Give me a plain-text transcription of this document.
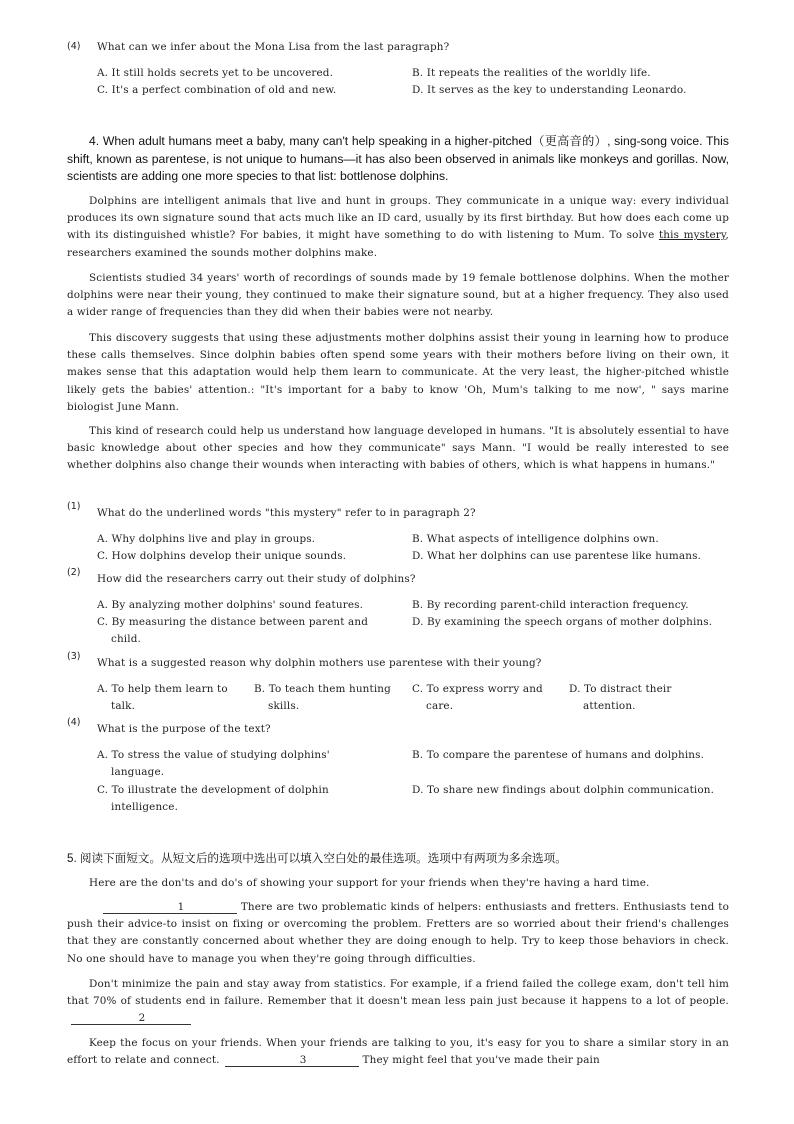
(4) What can we infer about the Mona Lisa from the last paragraph?
A. It still holds secrets yet to be uncovered.	B. It repeats the realities of the worldly life.
C. It's a perfect combination of old and new.	D. It serves as the key to understanding Leonardo.
4. When adult humans meet a baby, many can't help speaking in a higher-pitched（更高音的）, sing-song voice. This shift, known as parentese, is not unique to humans—it has also been observed in animals like monkeys and gorillas. Now, scientists are adding one more species to that list: bottlenose dolphins.
Dolphins are intelligent animals that live and hunt in groups. They communicate in a unique way: every individual produces its own signature sound that acts much like an ID card, usually by its first birthday. But how does each come up with its distinguished whistle? For babies, it might have something to do with listening to Mum. To solve this mystery, researchers examined the sounds mother dolphins make.
Scientists studied 34 years' worth of recordings of sounds made by 19 female bottlenose dolphins. When the mother dolphins were near their young, they continued to make their signature sound, but at a higher frequency. They also used a wider range of frequencies than they did when their babies were not nearby.
This discovery suggests that using these adjustments mother dolphins assist their young in learning how to produce these calls themselves. Since dolphin babies often spend some years with their mothers before living on their own, it makes sense that this adaptation would help them learn to communicate. At the very least, the higher-pitched whistle likely gets the babies' attention.: "It's important for a baby to know 'Oh, Mum's talking to me now', " says marine biologist June Mann.
This kind of research could help us understand how language developed in humans. "It is absolutely essential to have basic knowledge about other species and how they communicate" says Mann. "I would be really interested to see whether dolphins also change their wounds when interacting with babies of others, which is what happens in humans."
(1)
What do the underlined words "this mystery" refer to in paragraph 2?
A. Why dolphins live and play in groups.	B. What aspects of intelligence dolphins own.
C. How dolphins develop their unique sounds.	D. What her dolphins can use parentese like humans.
(2)
How did the researchers carry out their study of dolphins?
A. By analyzing mother dolphins' sound features.	B. By recording parent-child interaction frequency.
C. By measuring the distance between parent and
child.
D. By examining the speech organs of mother dolphins.
(3)
What is a suggested reason why dolphin mothers use parentese with their young?
A. To help them learn to
talk.
B. To teach them hunting
skills.
C. To express worry and
care.
D. To distract their
attention.
(4)
What is the purpose of the text?
A. To stress the value of studying dolphins'
language.
B. To compare the parentese of humans and dolphins.
C. To illustrate the development of dolphin
intelligence.
D. To share new findings about dolphin communication.
5. 阅读下面短文。从短文后的选项中选出可以填入空白处的最佳选项。选项中有两项为多余选项。
Here are the don'ts and do's of showing your support for your friends when they're having a hard time.
1	There are two problematic kinds of helpers: enthusiasts and fretters. Enthusiasts tend to push their advice-to insist on fixing or overcoming the problem. Fretters are so worried about their friend's challenges that they are constantly concerned about whether they are doing enough to help. Try to keep those behaviors in check. No one should have to manage you when they're going through difficulties.
Don't minimize the pain and stay away from statistics. For example, if a friend failed the college exam, don't tell him that 70% of students end in failure. Remember that it doesn't mean less pain just because it happens to a lot of people. 2
Keep the focus on your friends. When your friends are talking to you, it's easy for you to share a similar story in an effort to relate and connect.	3	They might feel that you've made their pain
